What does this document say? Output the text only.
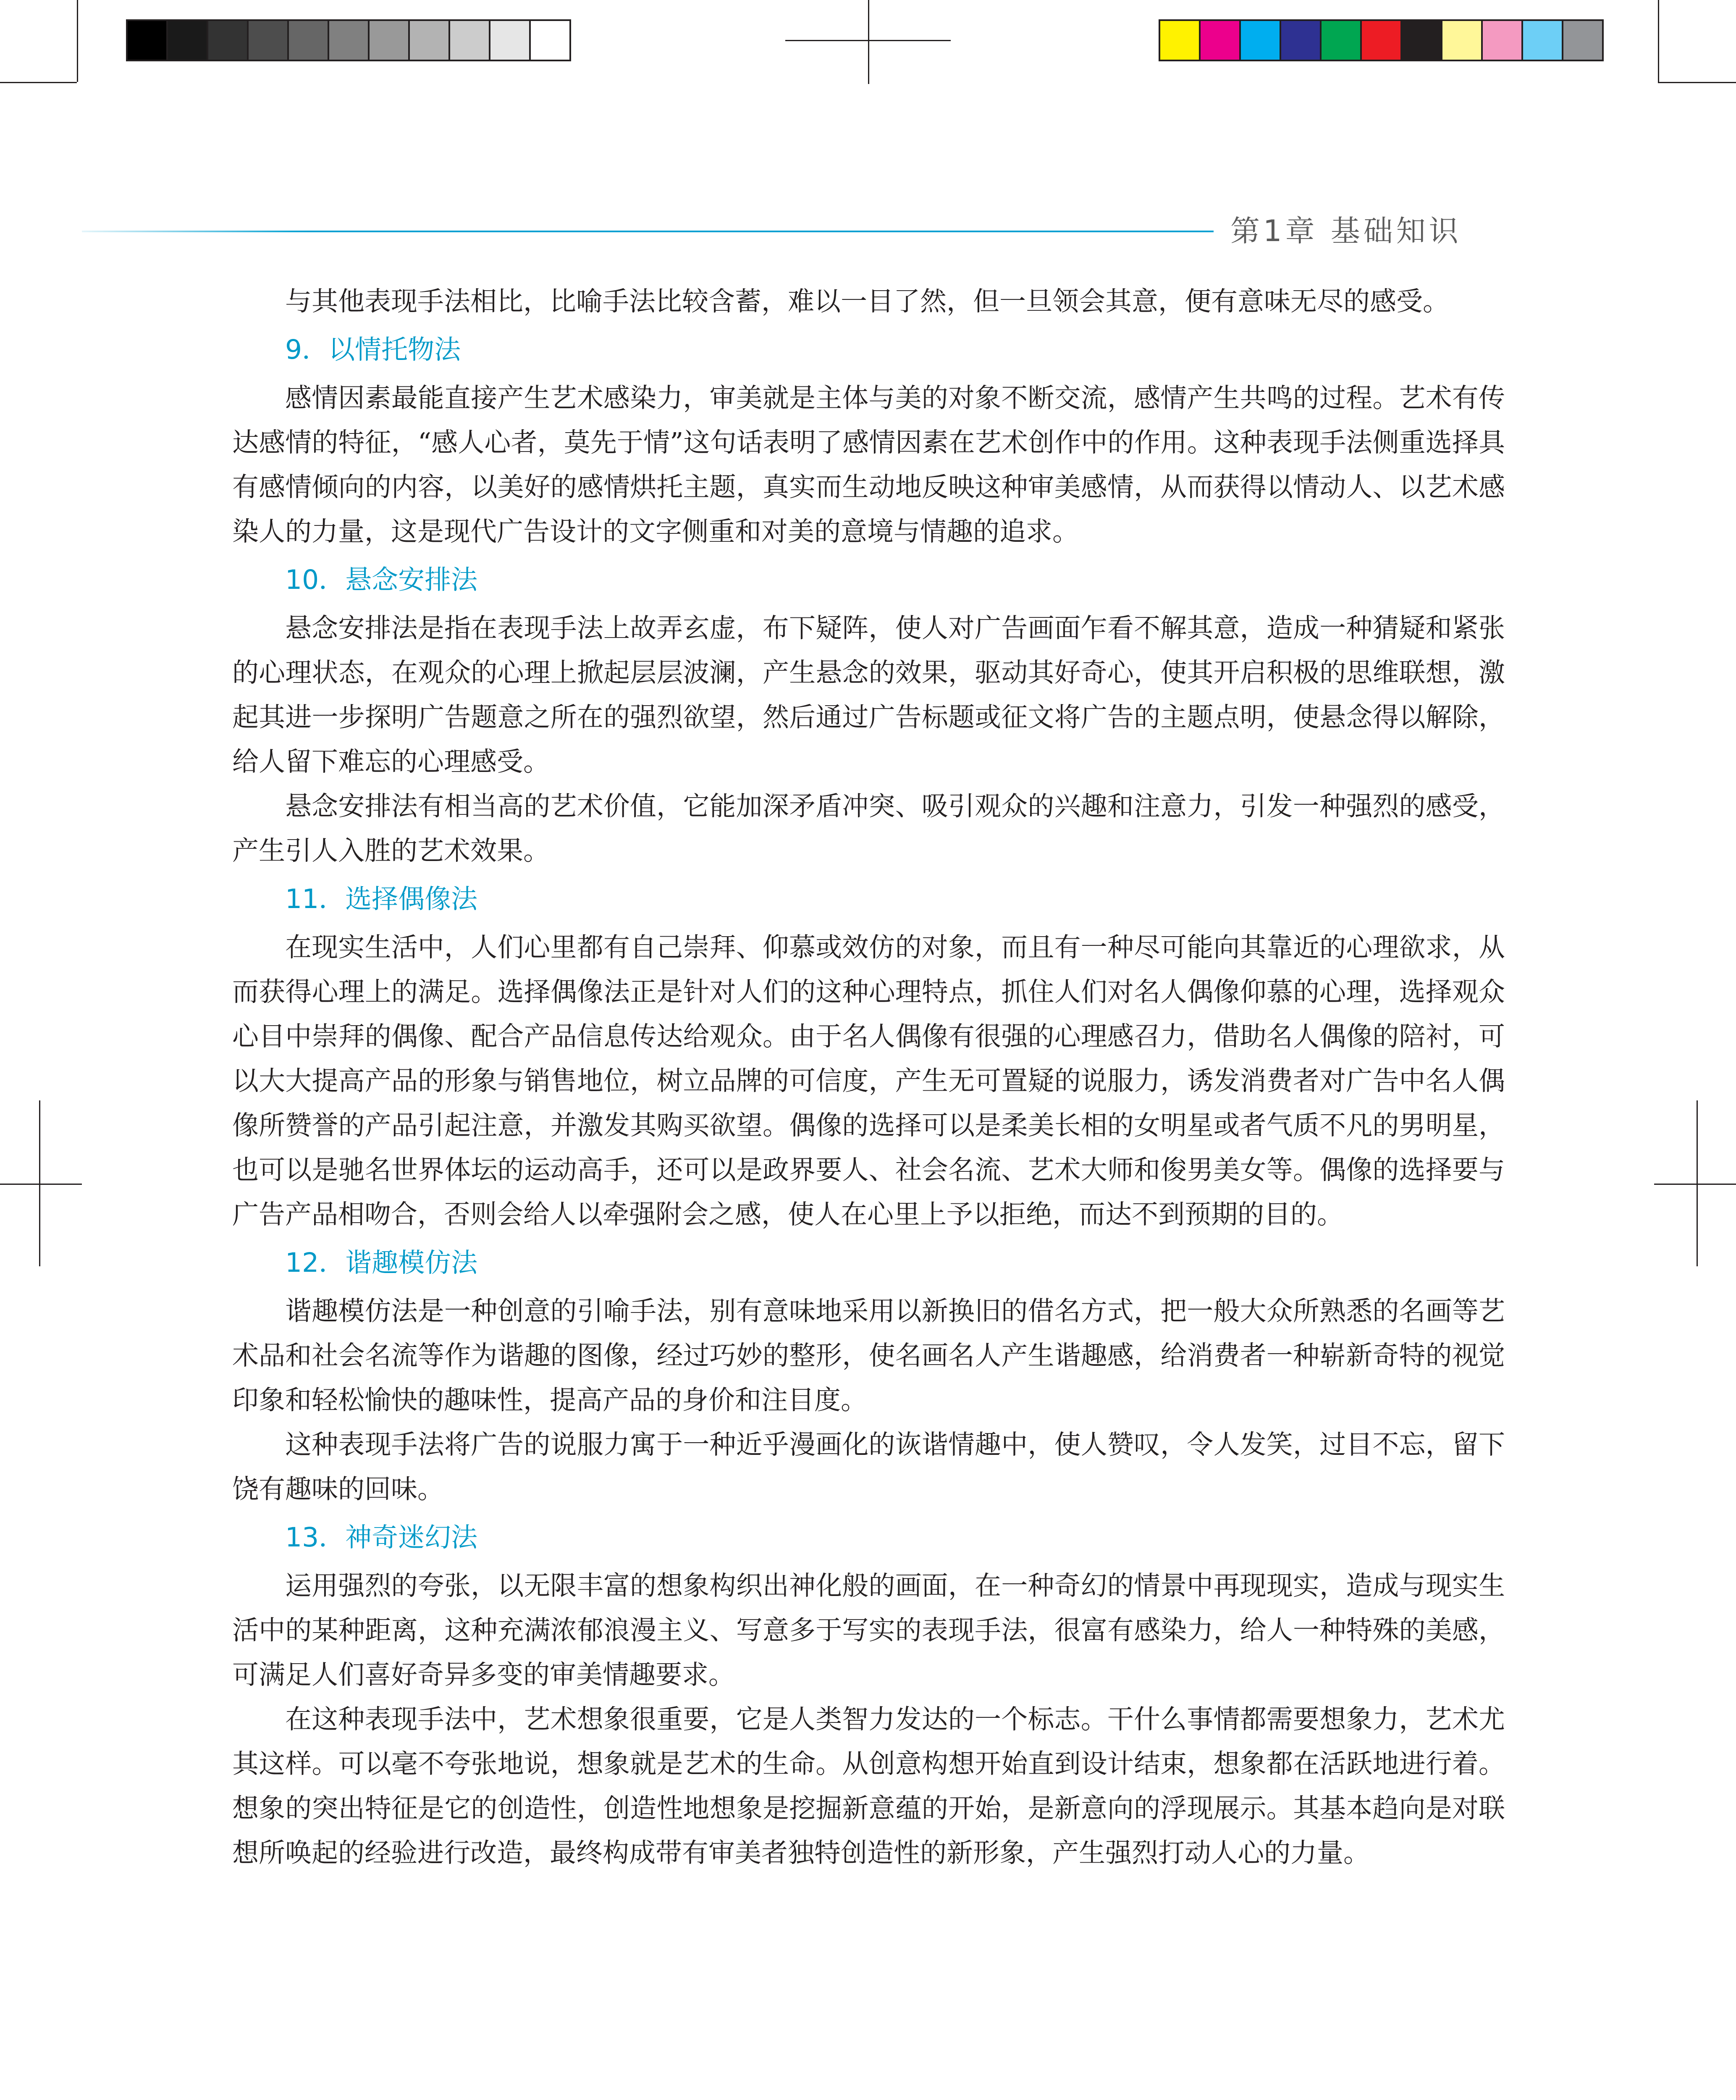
第1章 基础知识

与其他表现手法相比，比喻手法比较含蓄，难以一目了然，但一旦领会其意，便有意味无尽的感受。

9．以情托物法

感情因素最能直接产生艺术感染力，审美就是主体与美的对象不断交流，感情产生共鸣的过程。艺术有传达感情的特征，“感人心者，莫先于情”这句话表明了感情因素在艺术创作中的作用。这种表现手法侧重选择具有感情倾向的内容，以美好的感情烘托主题，真实而生动地反映这种审美感情，从而获得以情动人、以艺术感染人的力量，这是现代广告设计的文字侧重和对美的意境与情趣的追求。

10．悬念安排法

悬念安排法是指在表现手法上故弄玄虚，布下疑阵，使人对广告画面乍看不解其意，造成一种猜疑和紧张的心理状态，在观众的心理上掀起层层波澜，产生悬念的效果，驱动其好奇心，使其开启积极的思维联想，激起其进一步探明广告题意之所在的强烈欲望，然后通过广告标题或征文将广告的主题点明，使悬念得以解除，给人留下难忘的心理感受。

悬念安排法有相当高的艺术价值，它能加深矛盾冲突、吸引观众的兴趣和注意力，引发一种强烈的感受，产生引人入胜的艺术效果。

11．选择偶像法

在现实生活中，人们心里都有自己崇拜、仰慕或效仿的对象，而且有一种尽可能向其靠近的心理欲求，从而获得心理上的满足。选择偶像法正是针对人们的这种心理特点，抓住人们对名人偶像仰慕的心理，选择观众心目中崇拜的偶像、配合产品信息传达给观众。由于名人偶像有很强的心理感召力，借助名人偶像的陪衬，可以大大提高产品的形象与销售地位，树立品牌的可信度，产生无可置疑的说服力，诱发消费者对广告中名人偶像所赞誉的产品引起注意，并激发其购买欲望。偶像的选择可以是柔美长相的女明星或者气质不凡的男明星，也可以是驰名世界体坛的运动高手，还可以是政界要人、社会名流、艺术大师和俊男美女等。偶像的选择要与广告产品相吻合，否则会给人以牵强附会之感，使人在心里上予以拒绝，而达不到预期的目的。

12．谐趣模仿法

谐趣模仿法是一种创意的引喻手法，别有意味地采用以新换旧的借名方式，把一般大众所熟悉的名画等艺术品和社会名流等作为谐趣的图像，经过巧妙的整形，使名画名人产生谐趣感，给消费者一种崭新奇特的视觉印象和轻松愉快的趣味性，提高产品的身价和注目度。

这种表现手法将广告的说服力寓于一种近乎漫画化的诙谐情趣中，使人赞叹，令人发笑，过目不忘，留下饶有趣味的回味。

13．神奇迷幻法

运用强烈的夸张，以无限丰富的想象构织出神化般的画面，在一种奇幻的情景中再现现实，造成与现实生活中的某种距离，这种充满浓郁浪漫主义、写意多于写实的表现手法，很富有感染力，给人一种特殊的美感，可满足人们喜好奇异多变的审美情趣要求。

在这种表现手法中，艺术想象很重要，它是人类智力发达的一个标志。干什么事情都需要想象力，艺术尤其这样。可以毫不夸张地说，想象就是艺术的生命。从创意构想开始直到设计结束，想象都在活跃地进行着。想象的突出特征是它的创造性，创造性地想象是挖掘新意蕴的开始，是新意向的浮现展示。其基本趋向是对联想所唤起的经验进行改造，最终构成带有审美者独特创造性的新形象，产生强烈打动人心的力量。
